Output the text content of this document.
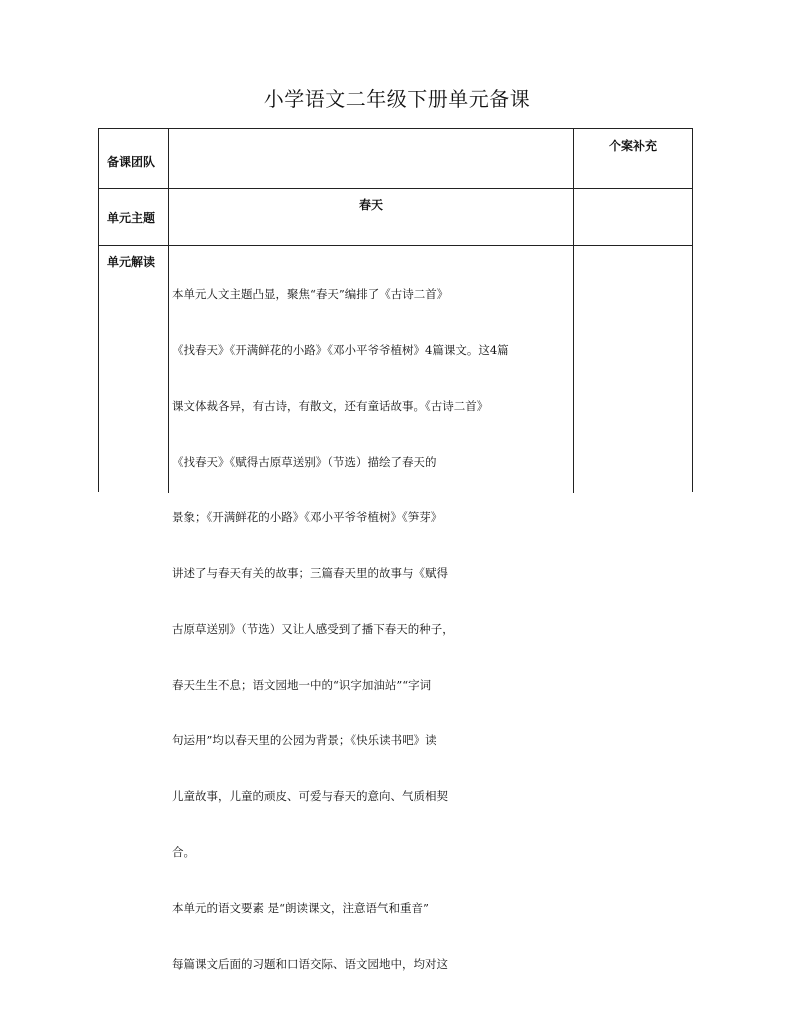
小学语文二年级下册单元备课
备课团队
个案补充
单元主题
春天
单元解读

本单元人文主题凸显，聚焦“春天”编排了《古诗二首》

《找春天》《开满鲜花的小路》《邓小平爷爷植树》4篇课文。这4篇

课文体裁各异，有古诗，有散文，还有童话故事。《古诗二首》

《找春天》《赋得古原草送别》（节选）描绘了春天的

景象；《开满鲜花的小路》《邓小平爷爷植树》《笋芽》

讲述了与春天有关的故事；三篇春天里的故事与《赋得

古原草送别》（节选）又让人感受到了播下春天的种子，

春天生生不息；语文园地一中的“识字加油站”“字词

句运用”均以春天里的公园为背景；《快乐读书吧》读

儿童故事，儿童的顽皮、可爱与春天的意向、气质相契

合。

本单元的语文要素 是“朗读课文，注意语气和重音”

每篇课文后面的习题和口语交际、语文园地中，均对这
